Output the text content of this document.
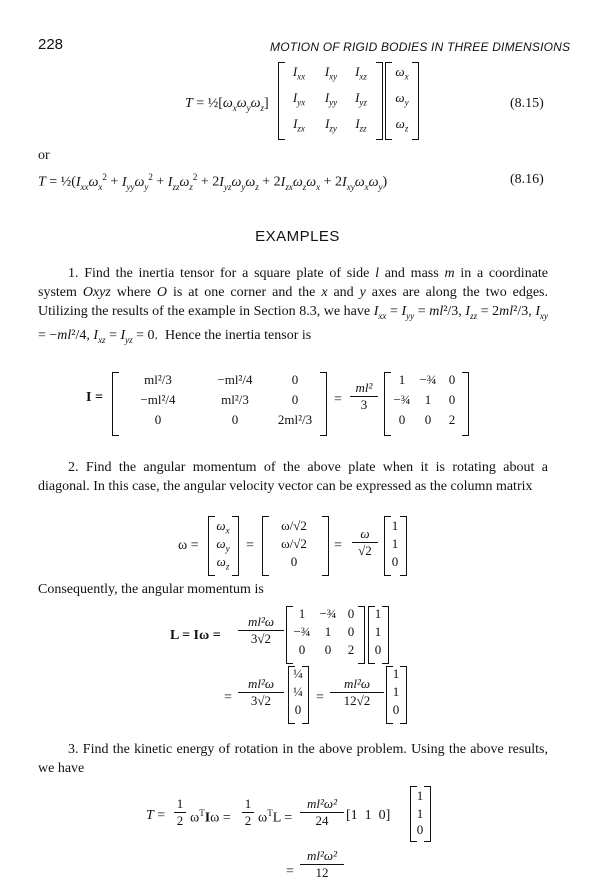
228	MOTION OF RIGID BODIES IN THREE DIMENSIONS
$T = \frac{1}{2}[\omega_x\omega_y\omega_z]$
$I_{xx}$	$I_{xy}$	$I_{xz}$
$I_{yx}$	$I_{yy}$	$I_{yz}$
$I_{zx}$	$I_{zy}$	$I_{zz}$
$\omega_x$
$\omega_y$
$\omega_z$
(8.15)
or
$T = \frac{1}{2}(I_{xx}\omega_x^2 + I_{yy}\omega_y^2 + I_{zz}\omega_z^2 + 2I_{yz}\omega_y\omega_z + 2I_{zx}\omega_z\omega_x + 2I_{xy}\omega_x\omega_y)$	(8.16)
EXAMPLES
1. Find the inertia tensor for a square plate of side l and mass m in a coordinate system Oxyz where O is at one corner and the x and y axes are along the two edges. Utilizing the results of the example in Section 8.3, we have $I_{xx} = I_{yy} = ml^2/3$, $I_{zz} = 2ml^2/3$, $I_{xy} = -ml^2/4$, $I_{xz} = I_{yz} = 0$.  Hence the inertia tensor is
I =
ml²/3	−ml²/4	0
−ml²/4	ml²/3	0
0	0	2ml²/3
= $\frac{\text{ml²}}{3}$
1	−¾ 0
−¾	1	0
0	0	2
2. Find the angular momentum of the above plate when it is rotating about a diagonal. In this case, the angular velocity vector can be expressed as the column matrix
ω =
$\omega_x$
$\omega_y$
$\omega_z$
=
ω/√2
ω/√2
0
= $\frac{\omega}{√2}$
1
1
0
Consequently, the angular momentum is
$L = I\omega = \frac{\text{ml²ω}}{3√2}$
1	−¾ 0
−¾	1	0
0	0	2
1
1
0
= $\frac{\text{ml²ω}}{3√2}$
¼
¼
0
= $\frac{\text{ml²ω}}{12√2}$
1
1
0
3. Find the kinetic energy of rotation in the above problem. Using the above results, we have
$T = \frac{1}{2} \omega^TI\omega = \frac{1}{2} \omega^TL = \frac{\text{ml²ω²}}{24} [1$  1  0]
1
1
0
= $\frac{\text{ml²ω²}}{12}$
